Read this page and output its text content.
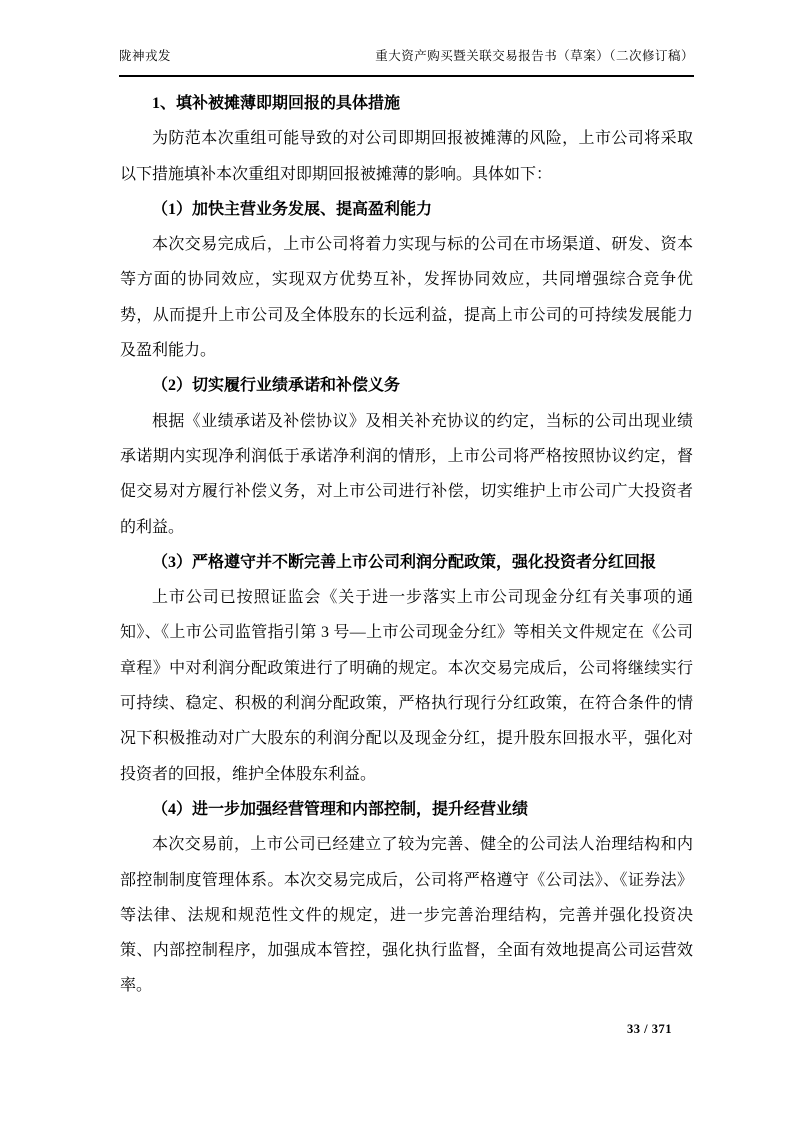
陇神戎发	重大资产购买暨关联交易报告书（草案）（二次修订稿）

1、填补被摊薄即期回报的具体措施

为防范本次重组可能导致的对公司即期回报被摊薄的风险，上市公司将采取以下措施填补本次重组对即期回报被摊薄的影响。具体如下：

（1）加快主营业务发展、提高盈利能力

本次交易完成后，上市公司将着力实现与标的公司在市场渠道、研发、资本等方面的协同效应，实现双方优势互补，发挥协同效应，共同增强综合竞争优势，从而提升上市公司及全体股东的长远利益，提高上市公司的可持续发展能力及盈利能力。

（2）切实履行业绩承诺和补偿义务

根据《业绩承诺及补偿协议》及相关补充协议的约定，当标的公司出现业绩承诺期内实现净利润低于承诺净利润的情形，上市公司将严格按照协议约定，督促交易对方履行补偿义务，对上市公司进行补偿，切实维护上市公司广大投资者的利益。

（3）严格遵守并不断完善上市公司利润分配政策，强化投资者分红回报

上市公司已按照证监会《关于进一步落实上市公司现金分红有关事项的通知》、《上市公司监管指引第 3 号—上市公司现金分红》等相关文件规定在《公司章程》中对利润分配政策进行了明确的规定。本次交易完成后，公司将继续实行可持续、稳定、积极的利润分配政策，严格执行现行分红政策，在符合条件的情况下积极推动对广大股东的利润分配以及现金分红，提升股东回报水平，强化对投资者的回报，维护全体股东利益。

（4）进一步加强经营管理和内部控制，提升经营业绩

本次交易前，上市公司已经建立了较为完善、健全的公司法人治理结构和内部控制制度管理体系。本次交易完成后，公司将严格遵守《公司法》、《证券法》等法律、法规和规范性文件的规定，进一步完善治理结构，完善并强化投资决策、内部控制程序，加强成本管控，强化执行监督，全面有效地提高公司运营效率。

33 / 371
